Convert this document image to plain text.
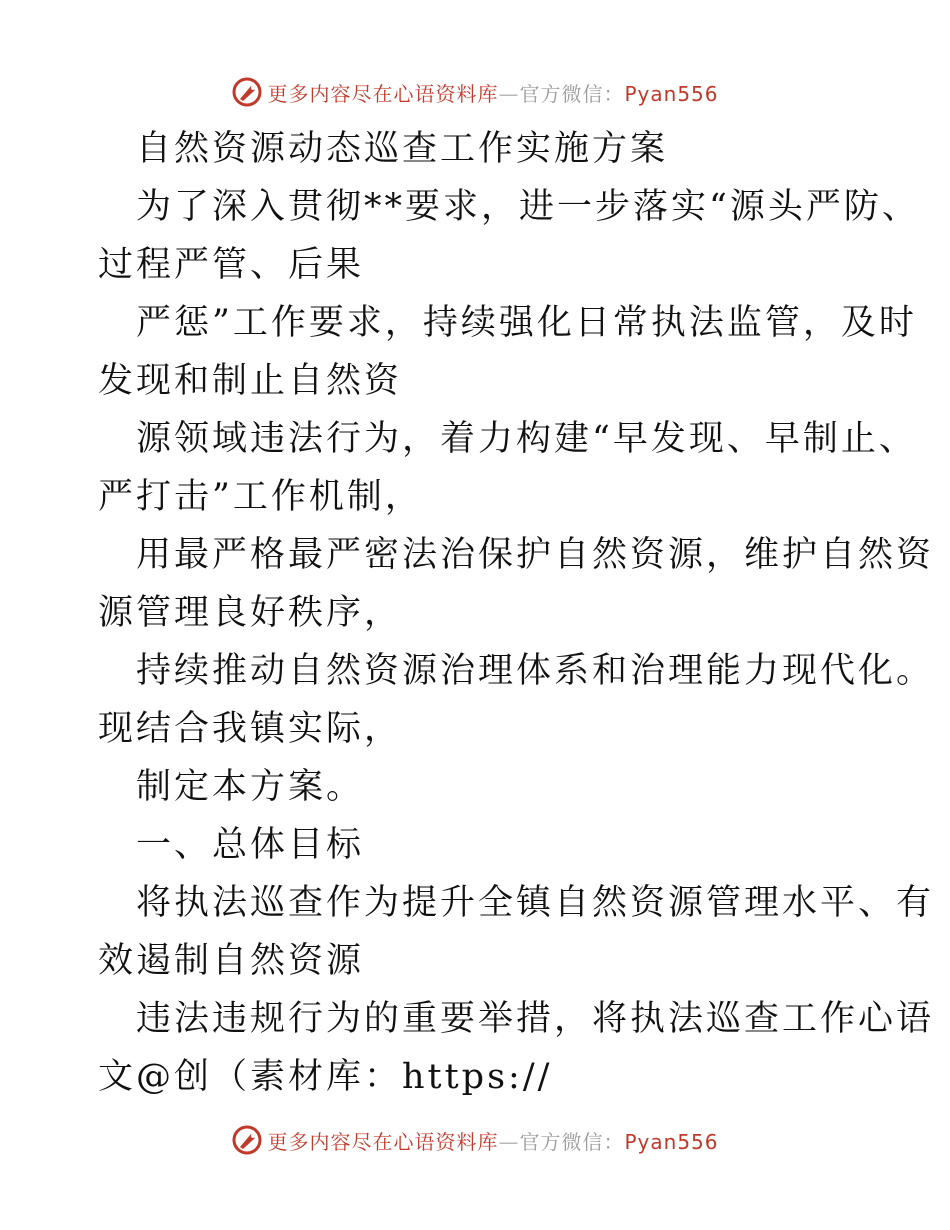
更多内容尽在心语资料库—官方微信：Pyan556

自然资源动态巡查工作实施方案

为了深入贯彻**要求，进一步落实“源头严防、

过程严管、后果

严惩”工作要求，持续强化日常执法监管，及时

发现和制止自然资

源领域违法行为，着力构建“早发现、早制止、

严打击”工作机制，

用最严格最严密法治保护自然资源，维护自然资

源管理良好秩序，

持续推动自然资源治理体系和治理能力现代化。

现结合我镇实际，

制定本方案。

一、总体目标

将执法巡查作为提升全镇自然资源管理水平、有

效遏制自然资源

违法违规行为的重要举措，将执法巡查工作心语

文@创（素材库：https://

更多内容尽在心语资料库—官方微信：Pyan556
